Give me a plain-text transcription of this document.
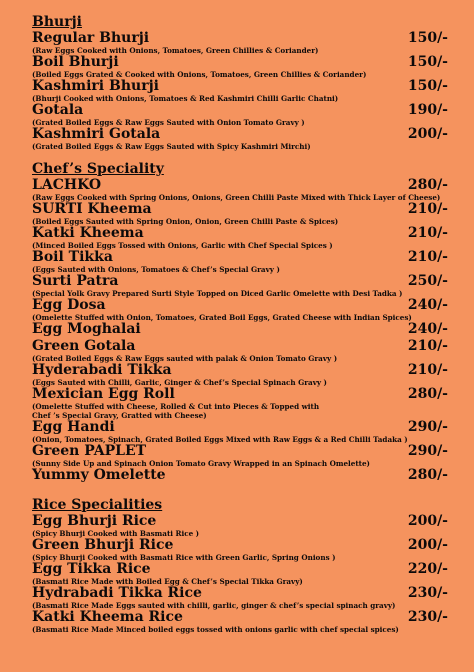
Bhurji
Regular Bhurji	150/-
(Raw Eggs Cooked with Onions, Tomatoes, Green Chillies & Coriander)
Boil Bhurji	150/-
(Boiled Eggs Grated & Cooked with Onions, Tomatoes, Green Chillies & Coriander)
Kashmiri Bhurji	150/-
(Bhurji Cooked with Onions, Tomatoes & Red Kashmiri Chilli Garlic Chatni)
Gotala	190/-
(Grated Boiled Eggs & Raw Eggs Sauted with Onion Tomato Gravy )
Kashmiri Gotala	200/-
(Grated Boiled Eggs & Raw Eggs Sauted with Spicy Kashmiri Mirchi)
Chef’s Speciality
LACHKO	280/-
(Raw Eggs Cooked with Spring Onions, Onions, Green Chilli Paste Mixed with Thick Layer of Cheese)
SURTI Kheema	210/-
(Boiled Eggs Sauted with Spring Onion, Onion, Green Chilli Paste & Spices)
Katki Kheema	210/-
(Minced Boiled Eggs Tossed with Onions, Garlic with Chef Special Spices )
Boil Tikka	210/-
(Eggs Sauted with Onions, Tomatoes & Chef’s Special Gravy )
Surti Patra	250/-
(Special Yolk Gravy Prepared Surti Style Topped on Diced Garlic Omelette with Desi Tadka )
Egg Dosa	240/-
(Omelette Stuffed with Onion, Tomatoes, Grated Boil Eggs, Grated Cheese with Indian Spices)
Egg Moghalai	240/-
Green Gotala	210/-
(Grated Boiled Eggs & Raw Eggs sauted with palak & Onion Tomato Gravy )
Hyderabadi Tikka	210/-
(Eggs Sauted with Chilli, Garlic, Ginger & Chef’s Special Spinach Gravy )
Mexician Egg Roll	280/-
(Omelette Stuffed with Cheese, Rolled & Cut into Pieces & Topped with
Chef ’s Special Gravy, Gratted with Cheese)
Egg Handi	290/-
(Onion, Tomatoes, Spinach, Grated Boiled Eggs Mixed with Raw Eggs & a Red Chilli Tadaka )
Green PAPLET	290/-
(Sunny Side Up and Spinach Onion Tomato Gravy Wrapped in an Spinach Omelette)
Yummy Omelette	280/-
Rice Specialities
Egg Bhurji Rice	200/-
(Spicy Bhurji Cooked with Basmati Rice )
Green Bhurji Rice	200/-
(Spicy Bhurji Cooked with Basmati Rice with Green Garlic, Spring Onions )
Egg Tikka Rice	220/-
(Basmati Rice Made with Boiled Egg & Chef’s Special Tikka Gravy)
Hydrabadi Tikka Rice	230/-
(Basmati Rice Made Eggs sauted with chilli, garlic, ginger & chef’s special spinach gravy)
Katki Kheema Rice	230/-
(Basmati Rice Made Minced boiled eggs tossed with onions garlic with chef special spices)
